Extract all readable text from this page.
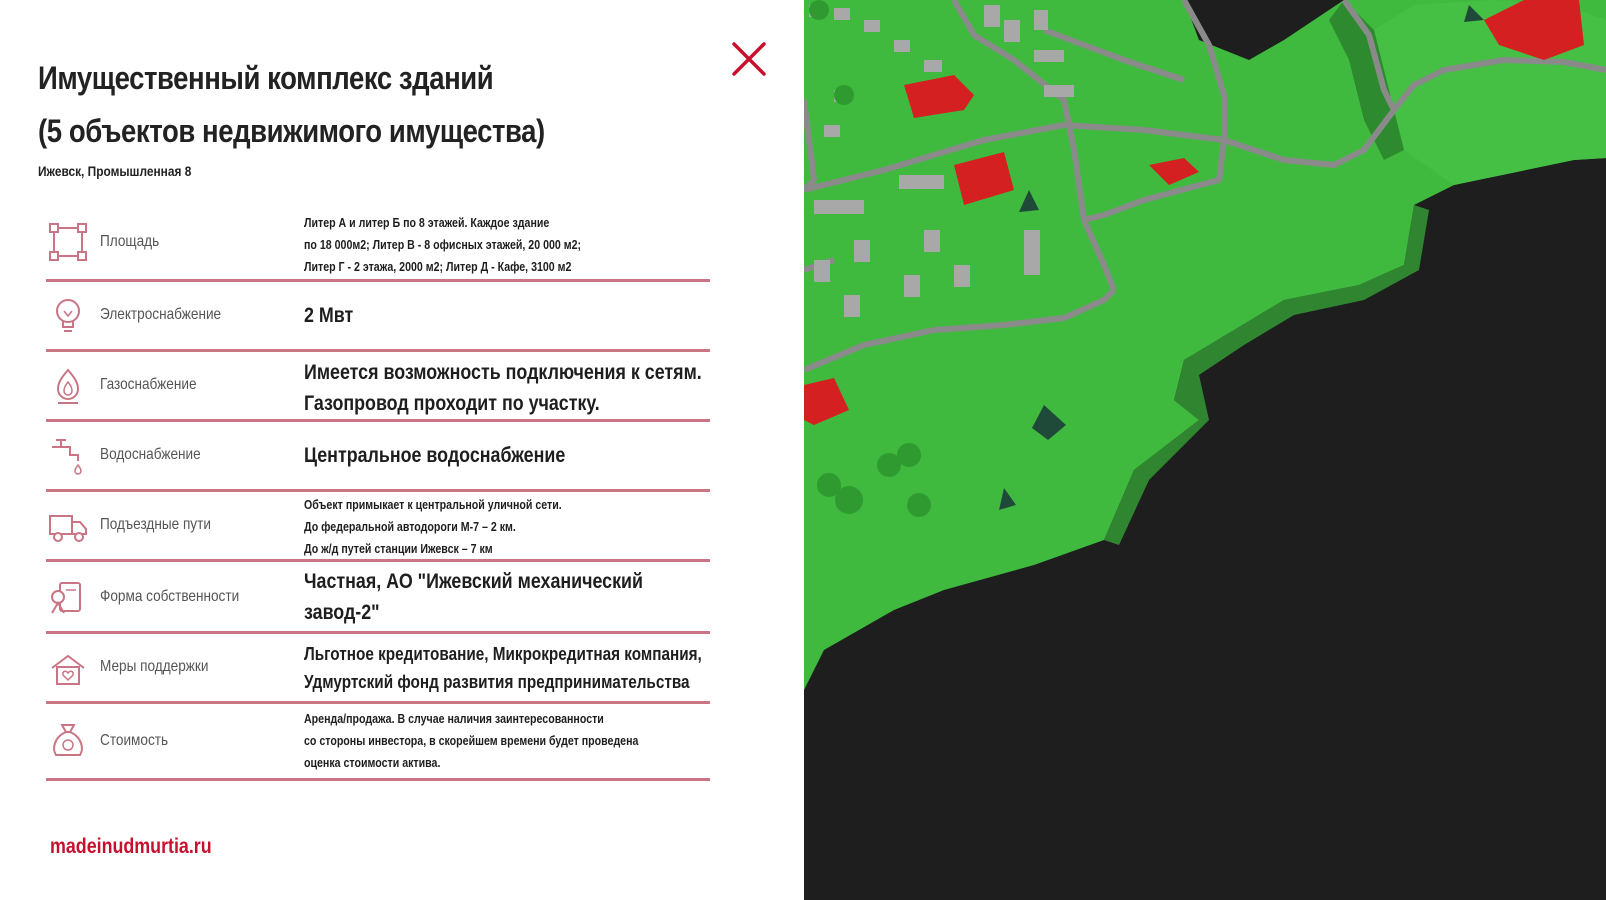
Имущественный комплекс зданий
(5 объектов недвижимого имущества)
Ижевск, Промышленная 8
Площадь
Литер А и литер Б по 8 этажей. Каждое здание
по 18 000м2; Литер В - 8 офисных этажей, 20 000 м2;
Литер Г - 2 этажа, 2000 м2; Литер Д - Кафе, 3100 м2
Электроснабжение	2 Мвт
Газоснабжение
Имеется возможность подключения к сетям.
Газопровод проходит по участку.
Водоснабжение	Центральное водоснабжение
Подъездные пути
Объект примыкает к центральной уличной сети.
До федеральной автодороги М-7 – 2 км.
До ж/д путей станции Ижевск – 7 км
Форма собственности
Частная, АО "Ижевский механический
завод-2"
Меры поддержки
Льготное кредитование, Микрокредитная компания,
Удмуртский фонд развития предпринимательства
Стоимость
Аренда/продажа. В случае наличия заинтересованности
со стороны инвестора, в скорейшем времени будет проведена
оценка стоимости актива.
madeinudmurtia.ru
